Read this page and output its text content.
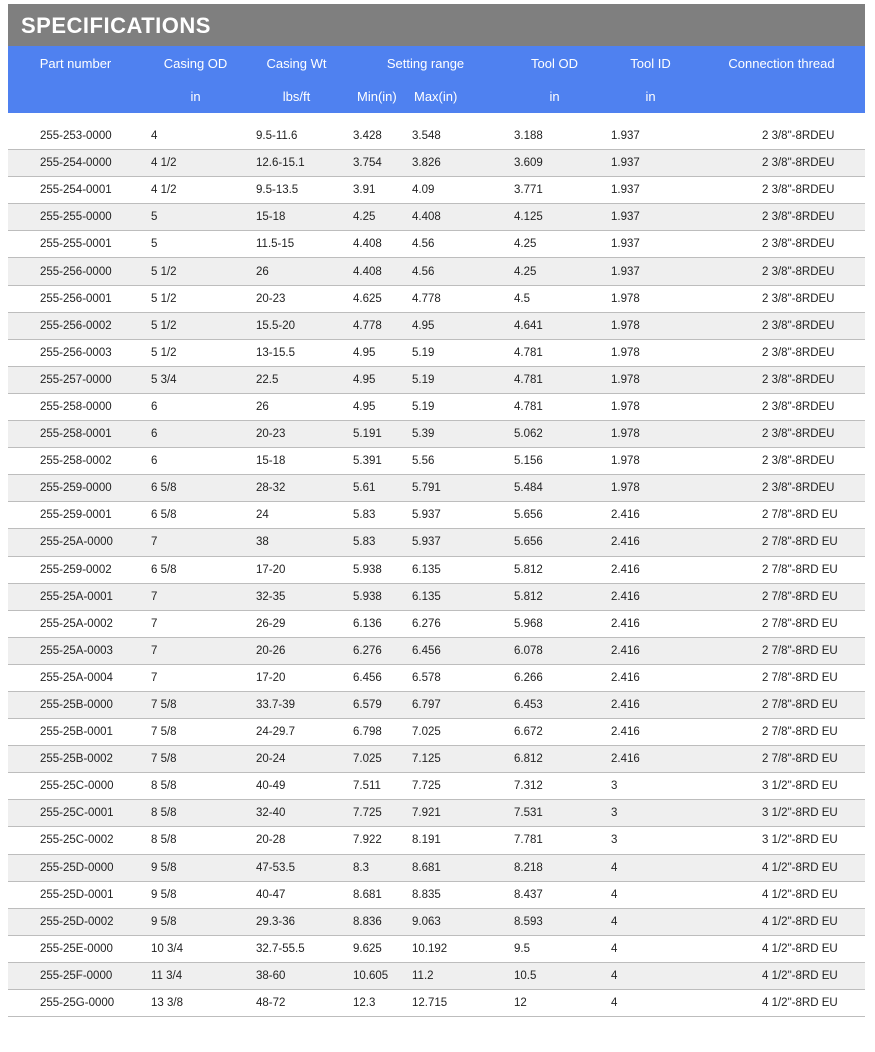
SPECIFICATIONS
Part number	Casing OD	Casing Wt	Setting range		Tool OD	Tool ID	Connection thread
	in	lbs/ft	Min(in)	Max(in)	in	in	

255-253-0000	4	9.5-11.6	3.428	3.548	3.188	1.937	2 3/8"-8RDEU
255-254-0000	4 1/2	12.6-15.1	3.754	3.826	3.609	1.937	2 3/8"-8RDEU
255-254-0001	4 1/2	9.5-13.5	3.91	4.09	3.771	1.937	2 3/8"-8RDEU
255-255-0000	5	15-18	4.25	4.408	4.125	1.937	2 3/8"-8RDEU
255-255-0001	5	11.5-15	4.408	4.56	4.25	1.937	2 3/8"-8RDEU
255-256-0000	5 1/2	26	4.408	4.56	4.25	1.937	2 3/8"-8RDEU
255-256-0001	5 1/2	20-23	4.625	4.778	4.5	1.978	2 3/8"-8RDEU
255-256-0002	5 1/2	15.5-20	4.778	4.95	4.641	1.978	2 3/8"-8RDEU
255-256-0003	5 1/2	13-15.5	4.95	5.19	4.781	1.978	2 3/8"-8RDEU
255-257-0000	5 3/4	22.5	4.95	5.19	4.781	1.978	2 3/8"-8RDEU
255-258-0000	6	26	4.95	5.19	4.781	1.978	2 3/8"-8RDEU
255-258-0001	6	20-23	5.191	5.39	5.062	1.978	2 3/8"-8RDEU
255-258-0002	6	15-18	5.391	5.56	5.156	1.978	2 3/8"-8RDEU
255-259-0000	6 5/8	28-32	5.61	5.791	5.484	1.978	2 3/8"-8RDEU
255-259-0001	6 5/8	24	5.83	5.937	5.656	2.416	2 7/8"-8RD EU
255-25A-0000	7	38	5.83	5.937	5.656	2.416	2 7/8"-8RD EU
255-259-0002	6 5/8	17-20	5.938	6.135	5.812	2.416	2 7/8"-8RD EU
255-25A-0001	7	32-35	5.938	6.135	5.812	2.416	2 7/8"-8RD EU
255-25A-0002	7	26-29	6.136	6.276	5.968	2.416	2 7/8"-8RD EU
255-25A-0003	7	20-26	6.276	6.456	6.078	2.416	2 7/8"-8RD EU
255-25A-0004	7	17-20	6.456	6.578	6.266	2.416	2 7/8"-8RD EU
255-25B-0000	7 5/8	33.7-39	6.579	6.797	6.453	2.416	2 7/8"-8RD EU
255-25B-0001	7 5/8	24-29.7	6.798	7.025	6.672	2.416	2 7/8"-8RD EU
255-25B-0002	7 5/8	20-24	7.025	7.125	6.812	2.416	2 7/8"-8RD EU
255-25C-0000	8 5/8	40-49	7.511	7.725	7.312	3	3 1/2"-8RD EU
255-25C-0001	8 5/8	32-40	7.725	7.921	7.531	3	3 1/2"-8RD EU
255-25C-0002	8 5/8	20-28	7.922	8.191	7.781	3	3 1/2"-8RD EU
255-25D-0000	9 5/8	47-53.5	8.3	8.681	8.218	4	4 1/2"-8RD EU
255-25D-0001	9 5/8	40-47	8.681	8.835	8.437	4	4 1/2"-8RD EU
255-25D-0002	9 5/8	29.3-36	8.836	9.063	8.593	4	4 1/2"-8RD EU
255-25E-0000	10 3/4	32.7-55.5	9.625	10.192	9.5	4	4 1/2"-8RD EU
255-25F-0000	11 3/4	38-60	10.605	11.2	10.5	4	4 1/2"-8RD EU
255-25G-0000	13 3/8	48-72	12.3	12.715	12	4	4 1/2"-8RD EU
